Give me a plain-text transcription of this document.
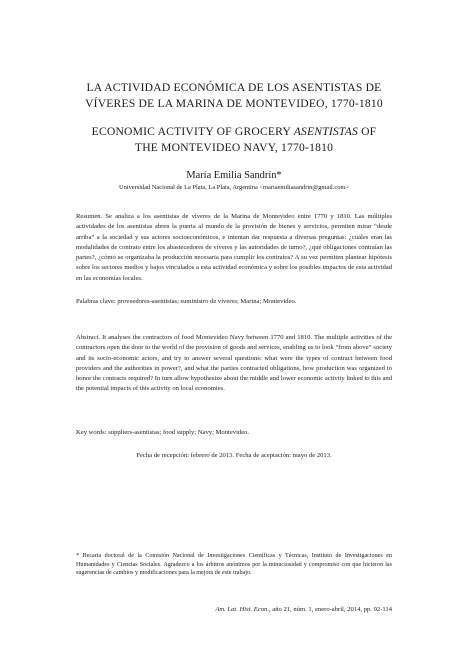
LA ACTIVIDAD ECONÓMICA DE LOS ASENTISTAS DE
VÍVERES DE LA MARINA DE MONTEVIDEO, 1770-1810
ECONOMIC ACTIVITY OF GROCERY ASENTISTAS OF
THE MONTEVIDEO NAVY, 1770-1810
María Emilia Sandrín*
Universidad Nacional de La Plata, La Plata, Argentina <mariaemiliasandrin@gmail.com>
Resumen. Se analiza a los asentistas de víveres de la Marina de Montevideo entre 1770 y 1810. Las múltiples actividades de los asentistas abren la puerta al mundo de la provisión de bienes y servicios, permiten mirar “desde arriba” a la sociedad y sus actores socioeconómicos, e intentan dar respuesta a diversas preguntas: ¿cuáles eran las modalidades de contrato entre los abastecedores de víveres y las autoridades de turno?, ¿qué obligaciones contraían las partes?, ¿cómo se organizaba la producción necesaria para cumplir los contratos? A su vez permiten plantear hipótesis sobre los sectores medios y bajos vinculados a esta actividad económica y sobre los posibles impactos de esta actividad en las economías locales.
Palabras clave: proveedores-asentistas; suministro de víveres; Marina; Montevideo.
Abstract. It analyses the contractors of food Montevideo Navy between 1770 and 1810. The multiple activities of the contractors open the door to the world of the provision of goods and services, enabling us to look “from above” society and its socio-economic actors, and try to answer several questions: what were the types of contract between food providers and the authorities in power?, and what the parties contracted obligations, how production was organized to honor the contracts required? In turn allow hypothesize about the middle and lower economic activity linked to this and the potential impacts of this activity on local economies.
Key words: suppliers-asentistas; food supply; Navy; Montevideo.
Fecha de recepción: febrero de 2013. Fecha de aceptación: mayo de 2013.
* Becaria doctoral de la Comisión Nacional de Investigaciones Científicas y Técnicas, Instituto de Investigaciones en Humanidades y Ciencias Sociales. Agradezco a los árbitros anónimos por la minuciosidad y compromiso con que hicieron las sugerencias de cambios y modificaciones para la mejora de este trabajo.
Am. Lat. Hist. Econ., año 21, núm. 1, enero-abril, 2014, pp. 92-114
